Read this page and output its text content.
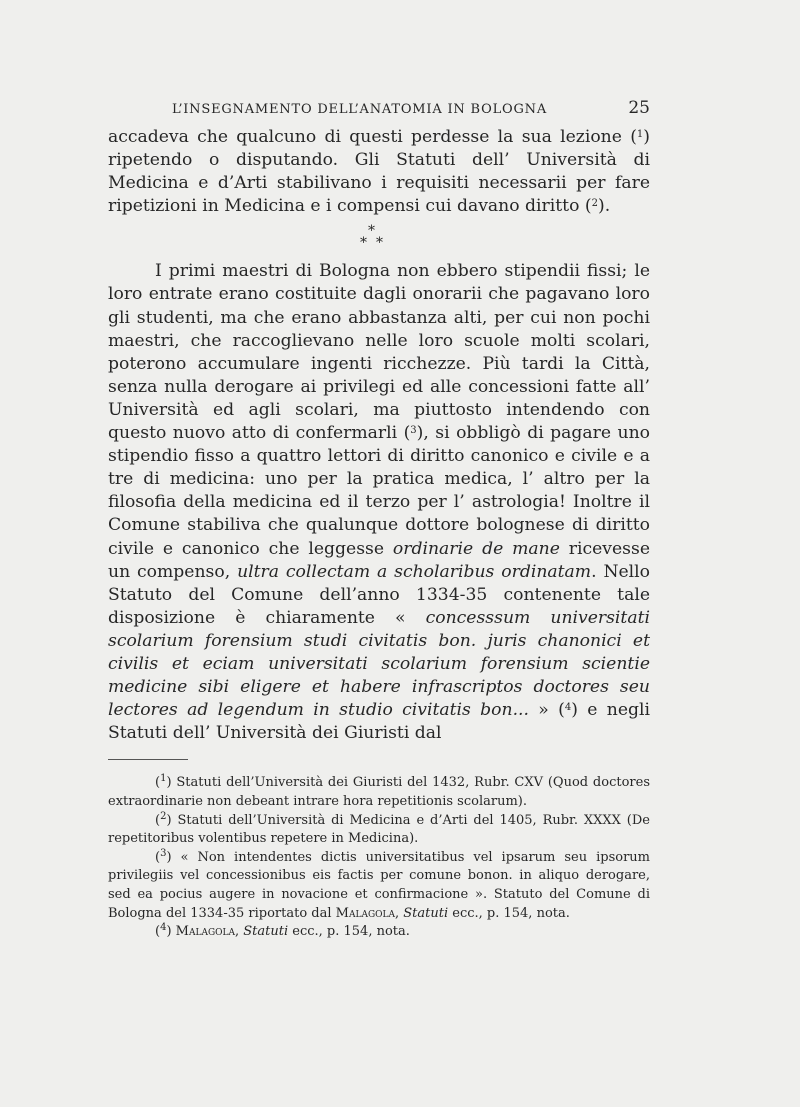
L’INSEGNAMENTO DELL’ANATOMIA IN BOLOGNA	25

accadeva che qualcuno di questi perdesse la sua lezione ($^1$) ripetendo o disputando. Gli Statuti dell’ Università di Medicina e d’Arti stabilivano i requisiti necessarii per fare ripetizioni in Medicina e i compensi cui davano diritto ($^2$).

*
* *

I primi maestri di Bologna non ebbero stipendii fissi; le loro entrate erano costituite dagli onorarii che pagavano loro gli studenti, ma che erano abbastanza alti, per cui non pochi maestri, che raccoglievano nelle loro scuole molti scolari, poterono accumulare ingenti ricchezze. Più tardi la Città, senza nulla derogare ai privilegi ed alle concessioni fatte all’ Università ed agli scolari, ma piuttosto intendendo con questo nuovo atto di confermarli ($^3$), si obbligò di pagare uno stipendio fisso a quattro lettori di diritto canonico e civile e a tre di medicina: uno per la pratica medica, l’ altro per la filosofia della medicina ed il terzo per l’ astrologia! Inoltre il Comune stabiliva che qualunque dottore bolognese di diritto civile e canonico che leggesse ordinarie de mane ricevesse un compenso, ultra collectam a scholaribus ordinatam. Nello Statuto del Comune dell’anno 1334-35 contenente tale disposizione è chiaramente « concesssum universitati scolarium forensium studi civitatis bon. juris chanonici et civilis et eciam universitati scolarium forensium scientie medicine sibi eligere et habere infrascriptos doctores seu lectores ad legendum in studio civitatis bon... » ($^4$) e negli Statuti dell’ Università dei Giuristi dal

($^1$) Statuti dell’Università dei Giuristi del 1432, Rubr. CXV (Quod doctores extraordinarie non debeant intrare hora repetitionis scolarum).

($^2$) Statuti dell’Università di Medicina e d’Arti del 1405, Rubr. XXXX (De repetitoribus volentibus repetere in Medicina).

($^3$) « Non intendentes dictis universitatibus vel ipsarum seu ipsorum privilegiis vel concessionibus eis factis per comune bonon. in aliquo derogare, sed ea pocius augere in novacione et confirmacione ». Statuto del Comune di Bologna del 1334-35 riportato dal Malagola, Statuti ecc., p. 154, nota.

($^4$) Malagola, Statuti ecc., p. 154, nota.
